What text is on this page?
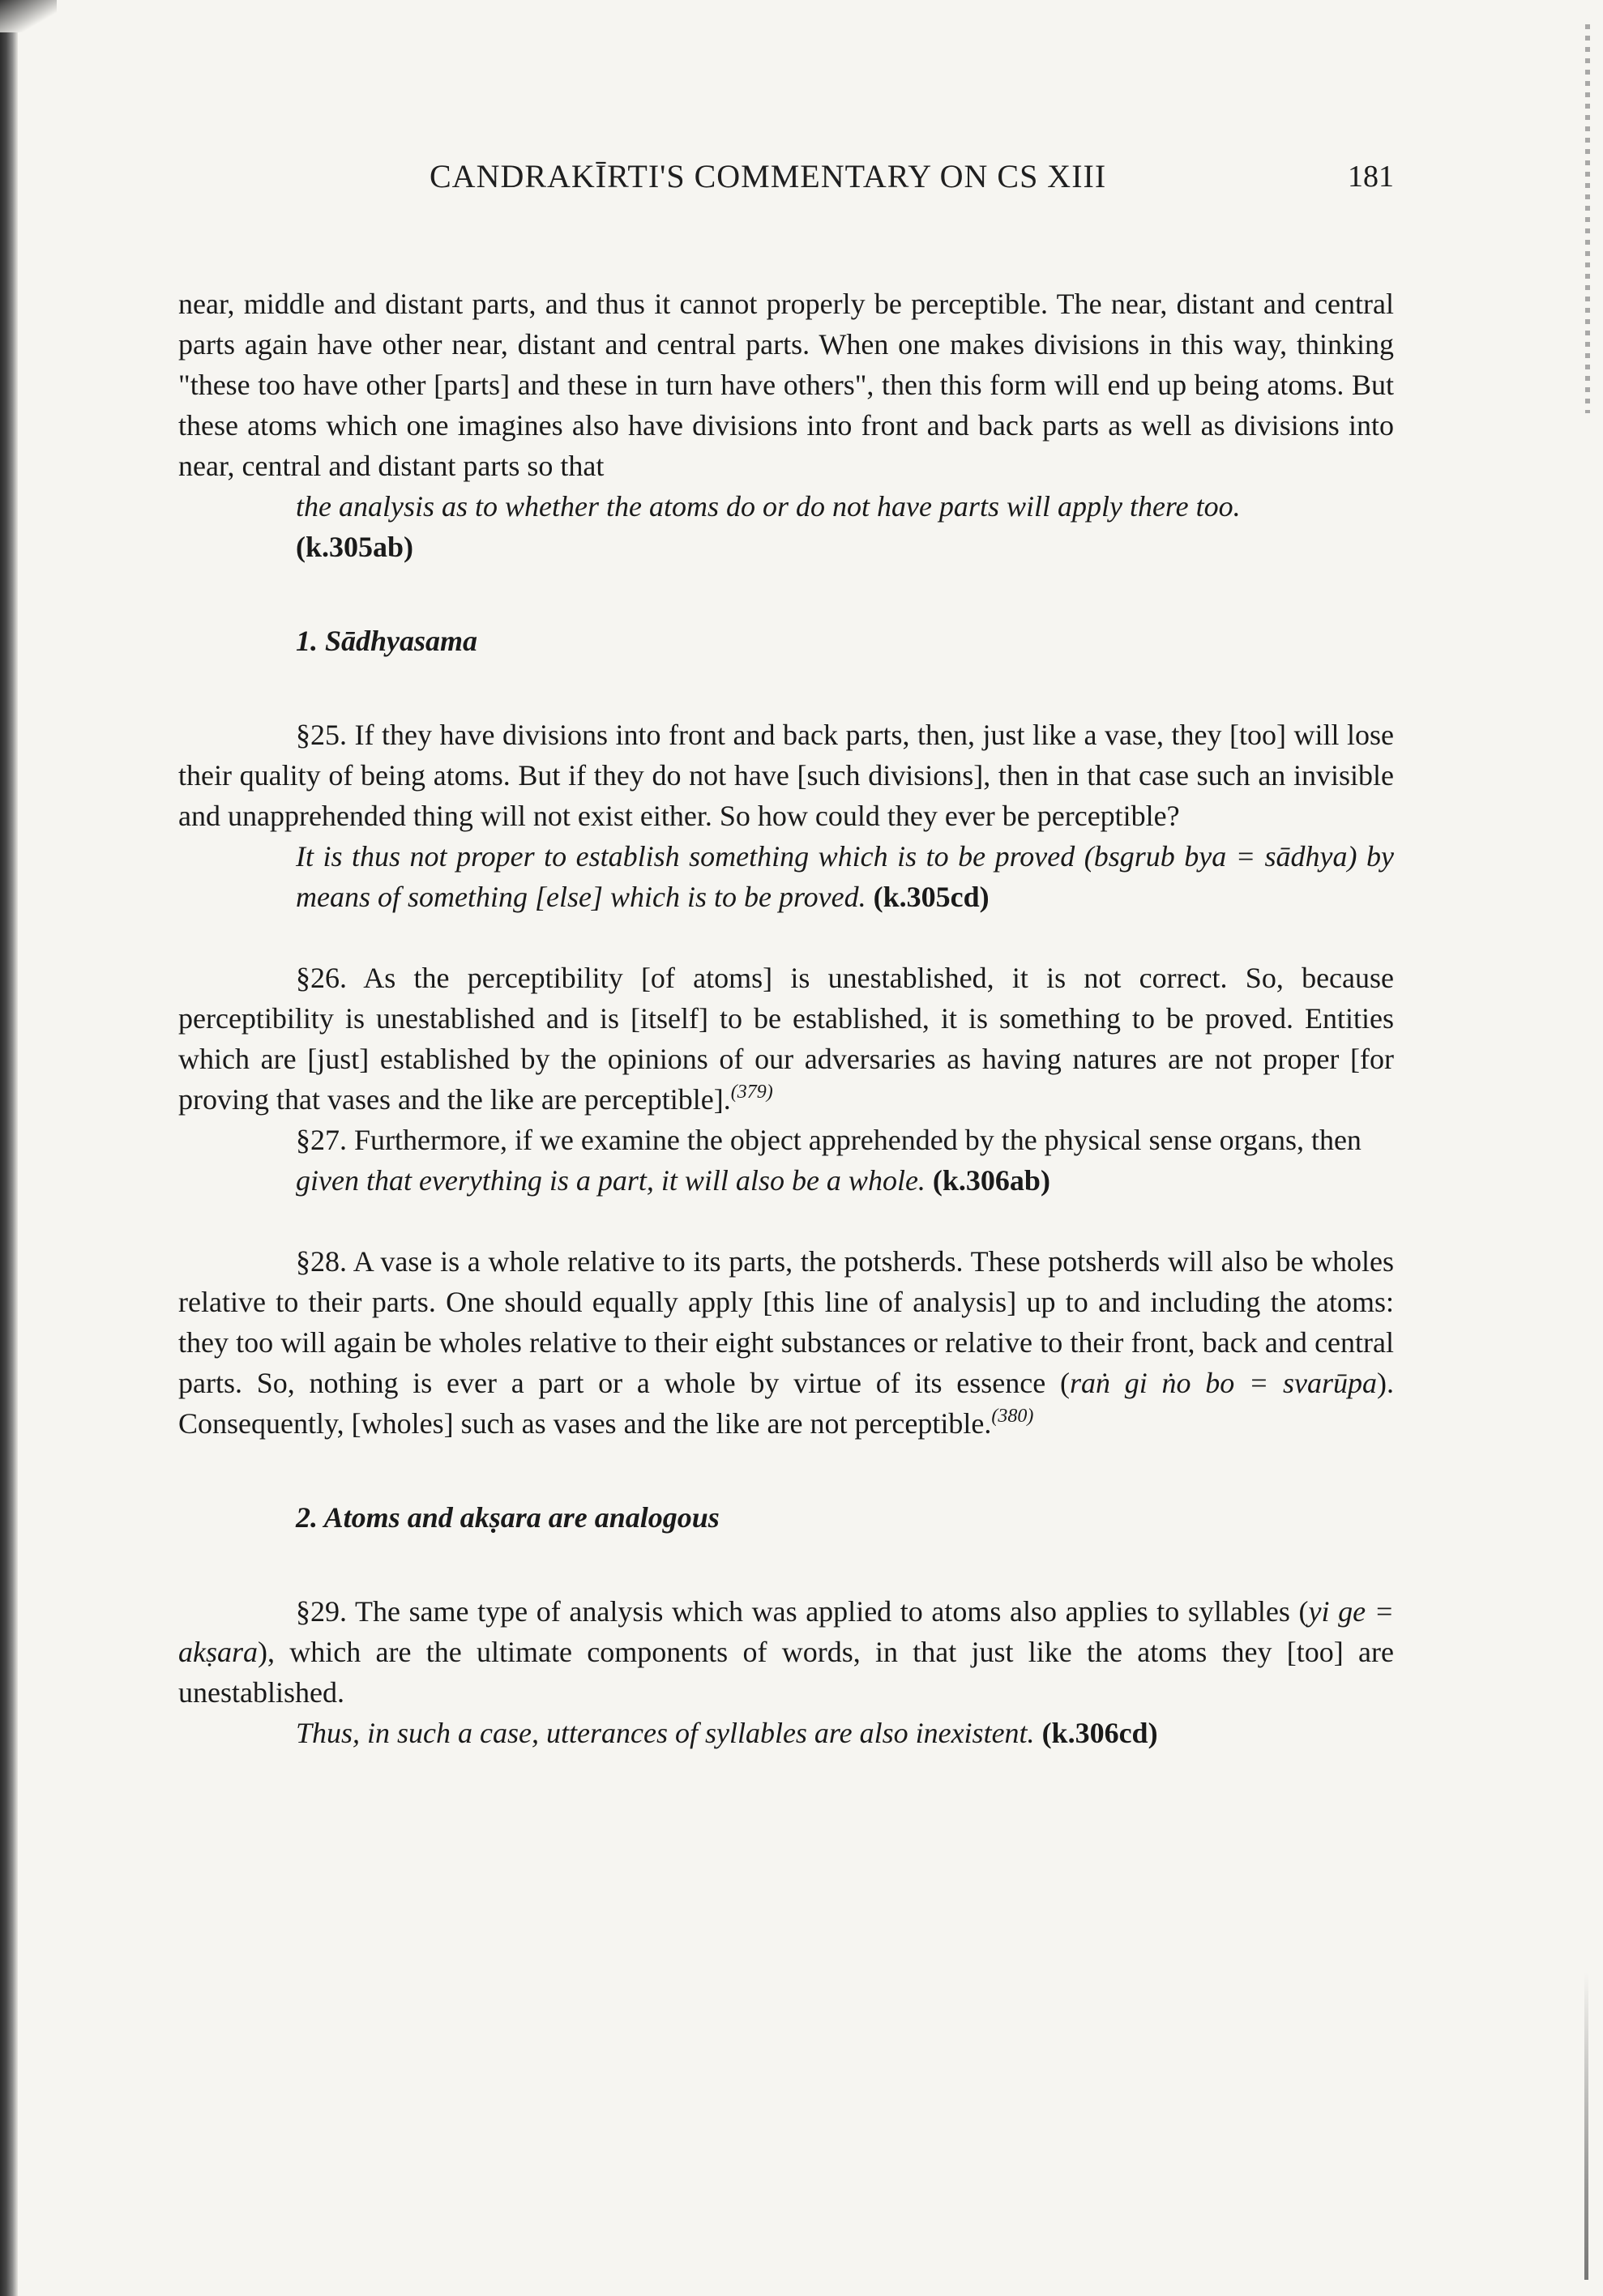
CANDRAKĪRTI'S COMMENTARY ON CS XIII	181

near, middle and distant parts, and thus it cannot properly be perceptible. The near, distant and central parts again have other near, distant and central parts. When one makes divisions in this way, thinking "these too have other [parts] and these in turn have others", then this form will end up being atoms. But these atoms which one imagines also have divisions into front and back parts as well as divisions into near, central and distant parts so that

the analysis as to whether the atoms do or do not have parts will apply there too.

(k.305ab)

1. Sādhyasama

§25. If they have divisions into front and back parts, then, just like a vase, they [too] will lose their quality of being atoms. But if they do not have [such divisions], then in that case such an invisible and unapprehended thing will not exist either. So how could they ever be perceptible?

It is thus not proper to establish something which is to be proved (bsgrub bya = sādhya) by means of something [else] which is to be proved. (k.305cd)

§26. As the perceptibility [of atoms] is unestablished, it is not correct. So, because perceptibility is unestablished and is [itself] to be established, it is something to be proved. Entities which are [just] established by the opinions of our adversaries as having natures are not proper [for proving that vases and the like are perceptible].$^{(379)}$

§27. Furthermore, if we examine the object apprehended by the physical sense organs, then

given that everything is a part, it will also be a whole. (k.306ab)

§28. A vase is a whole relative to its parts, the potsherds. These potsherds will also be wholes relative to their parts. One should equally apply [this line of analysis] up to and including the atoms: they too will again be wholes relative to their eight substances or relative to their front, back and central parts. So, nothing is ever a part or a whole by virtue of its essence (raṅ gi ṅo bo = svarūpa). Consequently, [wholes] such as vases and the like are not perceptible.$^{(380)}$

2. Atoms and akṣara are analogous

§29. The same type of analysis which was applied to atoms also applies to syllables (yi ge = akṣara), which are the ultimate components of words, in that just like the atoms they [too] are unestablished.

Thus, in such a case, utterances of syllables are also inexistent. (k.306cd)
